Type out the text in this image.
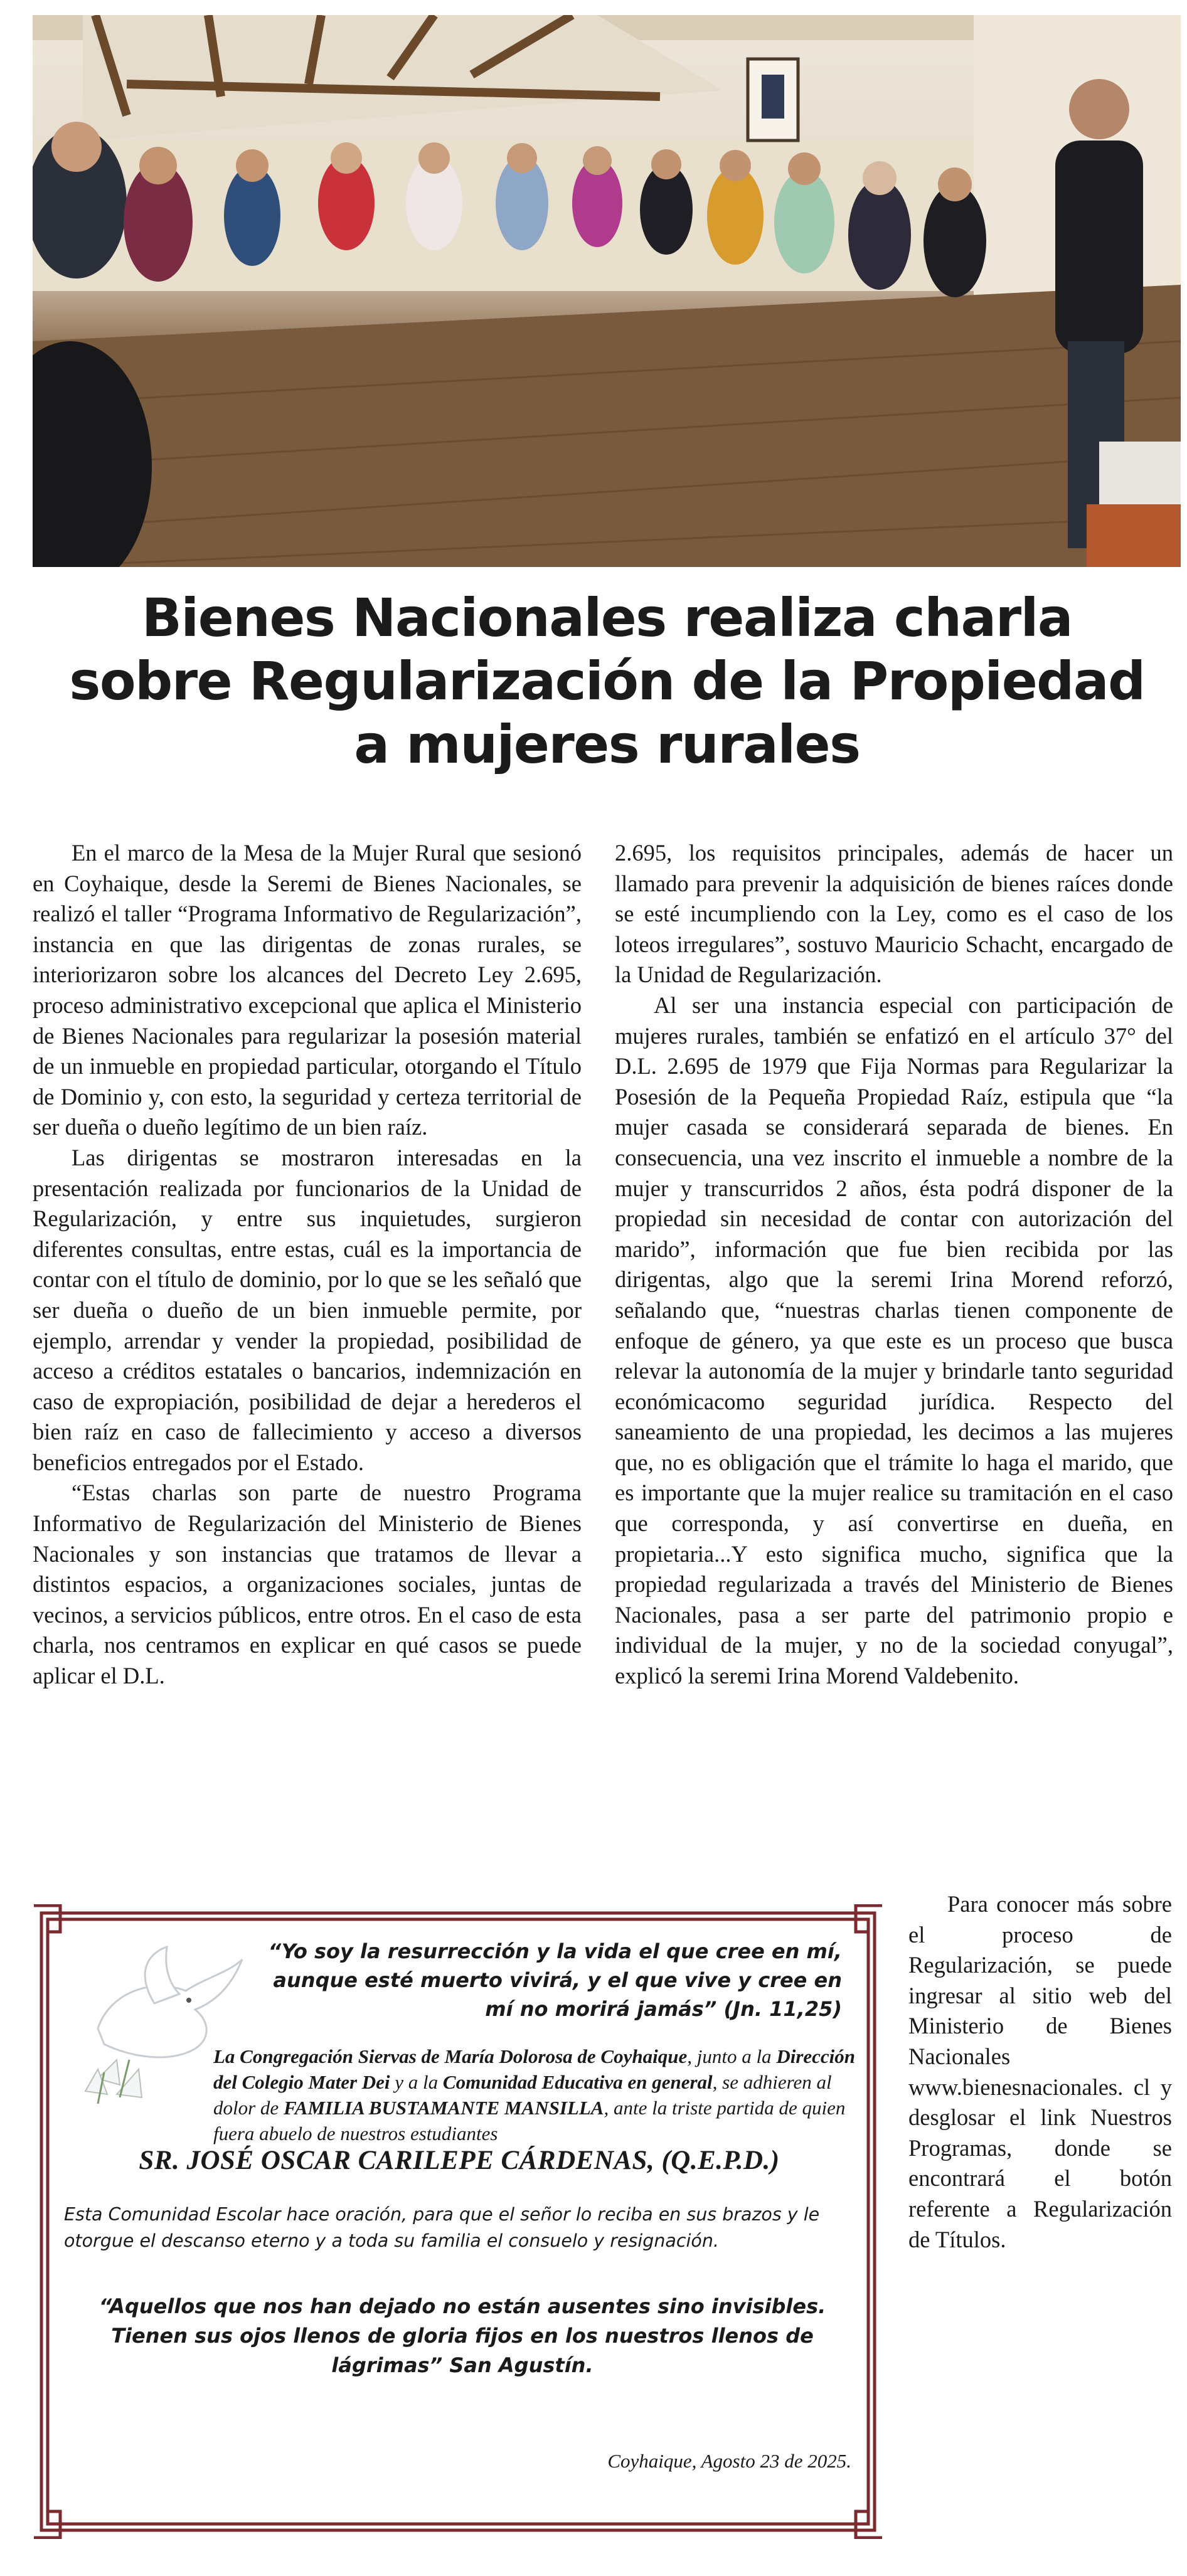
Bienes Nacionales realiza charla
sobre Regularización de la Propiedad
a mujeres rurales

En el marco de la Mesa de la Mujer Rural que sesionó en Coyhaique, desde la Seremi de Bienes Nacionales, se realizó el taller “Programa Informativo de Regularización”, instancia en que las dirigentas de zonas rurales, se interiorizaron sobre los alcances del Decreto Ley 2.695, proceso administrativo excepcional que aplica el Ministerio de Bienes Nacionales para regularizar la posesión material de un inmueble en propiedad particular, otorgando el Título de Dominio y, con esto, la seguridad y certeza territorial de ser dueña o dueño legítimo de un bien raíz.

Las dirigentas se mostraron interesadas en la presentación realizada por funcionarios de la Unidad de Regularización, y entre sus inquietudes, surgieron diferentes consultas, entre estas, cuál es la importancia de contar con el título de dominio, por lo que se les señaló que ser dueña o dueño de un bien inmueble permite, por ejemplo, arrendar y vender la propiedad, posibilidad de acceso a créditos estatales o bancarios, indemnización en caso de expropiación, posibilidad de dejar a herederos el bien raíz en caso de fallecimiento y acceso a diversos beneficios entregados por el Estado.

“Estas charlas son parte de nuestro Programa Informativo de Regularización del Ministerio de Bienes Nacionales y son instancias que tratamos de llevar a distintos espacios, a organizaciones sociales, juntas de vecinos, a servicios públicos, entre otros. En el caso de esta charla, nos centramos en explicar en qué casos se puede aplicar el D.L.

2.695, los requisitos principales, además de hacer un llamado para prevenir la adquisición de bienes raíces donde se esté incumpliendo con la Ley, como es el caso de los loteos irregulares”, sostuvo Mauricio Schacht, encargado de la Unidad de Regularización.

Al ser una instancia especial con participación de mujeres rurales, también se enfatizó en el artículo 37° del D.L. 2.695 de 1979 que Fija Normas para Regularizar la Posesión de la Pequeña Propiedad Raíz, estipula que “la mujer casada se considerará separada de bienes. En consecuencia, una vez inscrito el inmueble a nombre de la mujer y transcurridos 2 años, ésta podrá disponer de la propiedad sin necesidad de contar con autorización del marido”, información que fue bien recibida por las dirigentas, algo que la seremi Irina Morend reforzó, señalando que, “nuestras charlas tienen componente de enfoque de género, ya que este es un proceso que busca relevar la autonomía de la mujer y brindarle tanto seguridad económicacomo seguridad jurídica. Respecto del saneamiento de una propiedad, les decimos a las mujeres que, no es obligación que el trámite lo haga el marido, que es importante que la mujer realice su tramitación en el caso que corresponda, y así convertirse en dueña, en propietaria...Y esto significa mucho, significa que la propiedad regularizada a través del Ministerio de Bienes Nacionales, pasa a ser parte del patrimonio propio e individual de la mujer, y no de la sociedad conyugal”, explicó la seremi Irina Morend Valdebenito.

Para conocer más sobre el proceso de Regularización, se puede ingresar al sitio web del Ministerio de Bienes Nacionales www.bienesnacionales. cl y desglosar el link Nuestros Programas, donde se encontrará el botón referente a Regularización de Títulos.

“Yo soy la resurrección y la vida el que cree en mí, aunque esté muerto vivirá, y el que vive y cree en mí no morirá jamás” (Jn. 11,25)
La Congregación Siervas de María Dolorosa de Coyhaique, junto a la Dirección del Colegio Mater Dei y a la Comunidad Educativa en general, se adhieren al dolor de FAMILIA BUSTAMANTE MANSILLA, ante la triste partida de quien fuera abuelo de nuestros estudiantes
SR. JOSÉ OSCAR CARILEPE CÁRDENAS, (Q.E.P.D.)
Esta Comunidad Escolar hace oración, para que el señor lo reciba en sus brazos y le otorgue el descanso eterno y a toda su familia el consuelo y resignación.
“Aquellos que nos han dejado no están ausentes sino invisibles. Tienen sus ojos llenos de gloria fijos en los nuestros llenos de lágrimas” San Agustín.
Coyhaique, Agosto 23 de 2025.
